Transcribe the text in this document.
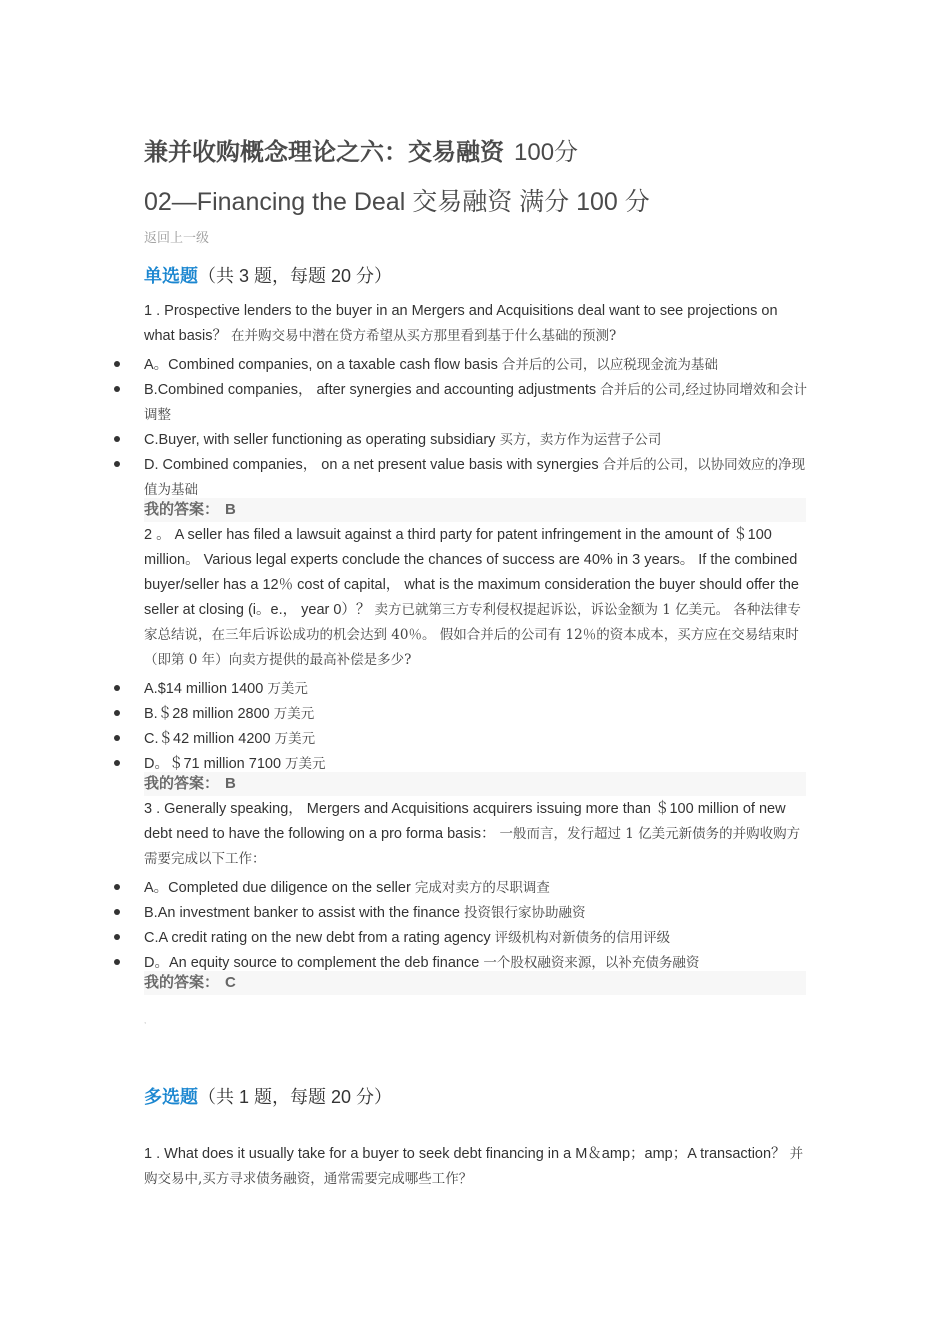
兼并收购概念理论之六：交易融资 100分
02—Financing the Deal 交易融资 满分 100 分
返回上一级
单选题（共 3 题，每题 20 分）
1 . Prospective lenders to the buyer in an Mergers and Acquisitions deal want to see projections on what basis？ 在并购交易中潜在贷方希望从买方那里看到基于什么基础的预测?
A。Combined companies, on a taxable cash flow basis 合并后的公司，以应税现金流为基础
B.Combined companies， after synergies and accounting adjustments 合并后的公司,经过协同增效和会计调整
C.Buyer, with seller functioning as operating subsidiary 买方，卖方作为运营子公司
D. Combined companies， on a net present value basis with synergies 合并后的公司，以协同效应的净现值为基础
我的答案： B
2 。 A seller has filed a lawsuit against a third party for patent infringement in the amount of ＄100 million。 Various legal experts conclude the chances of success are 40% in 3 years。 If the combined buyer/seller has a 12％ cost of capital， what is the maximum consideration the buyer should offer the seller at closing (i。e.， year 0）？ 卖方已就第三方专利侵权提起诉讼，诉讼金额为 1 亿美元。 各种法律专家总结说，在三年后诉讼成功的机会达到 40％。 假如合并后的公司有 12％的资本成本，买方应在交易结束时（即第 0 年）向卖方提供的最高补偿是多少?
A.$14 million 1400 万美元
B.＄28 million 2800 万美元
C.＄42 million 4200 万美元
D。＄71 million 7100 万美元
我的答案： B
3 . Generally speaking， Mergers and Acquisitions acquirers issuing more than ＄100 million of new debt need to have the following on a pro forma basis： 一般而言，发行超过 1 亿美元新债务的并购收购方需要完成以下工作：
A。Completed due diligence on the seller 完成对卖方的尽职调查
B.An investment banker to assist with the finance 投资银行家协助融资
C.A credit rating on the new debt from a rating agency 评级机构对新债务的信用评级
D。An equity source to complement the deb finance 一个股权融资来源，以补充债务融资
我的答案： C
,
多选题（共 1 题，每题 20 分）
1 . What does it usually take for a buyer to seek debt financing in a M＆amp；amp；A transaction？ 并购交易中,买方寻求债务融资，通常需要完成哪些工作？
